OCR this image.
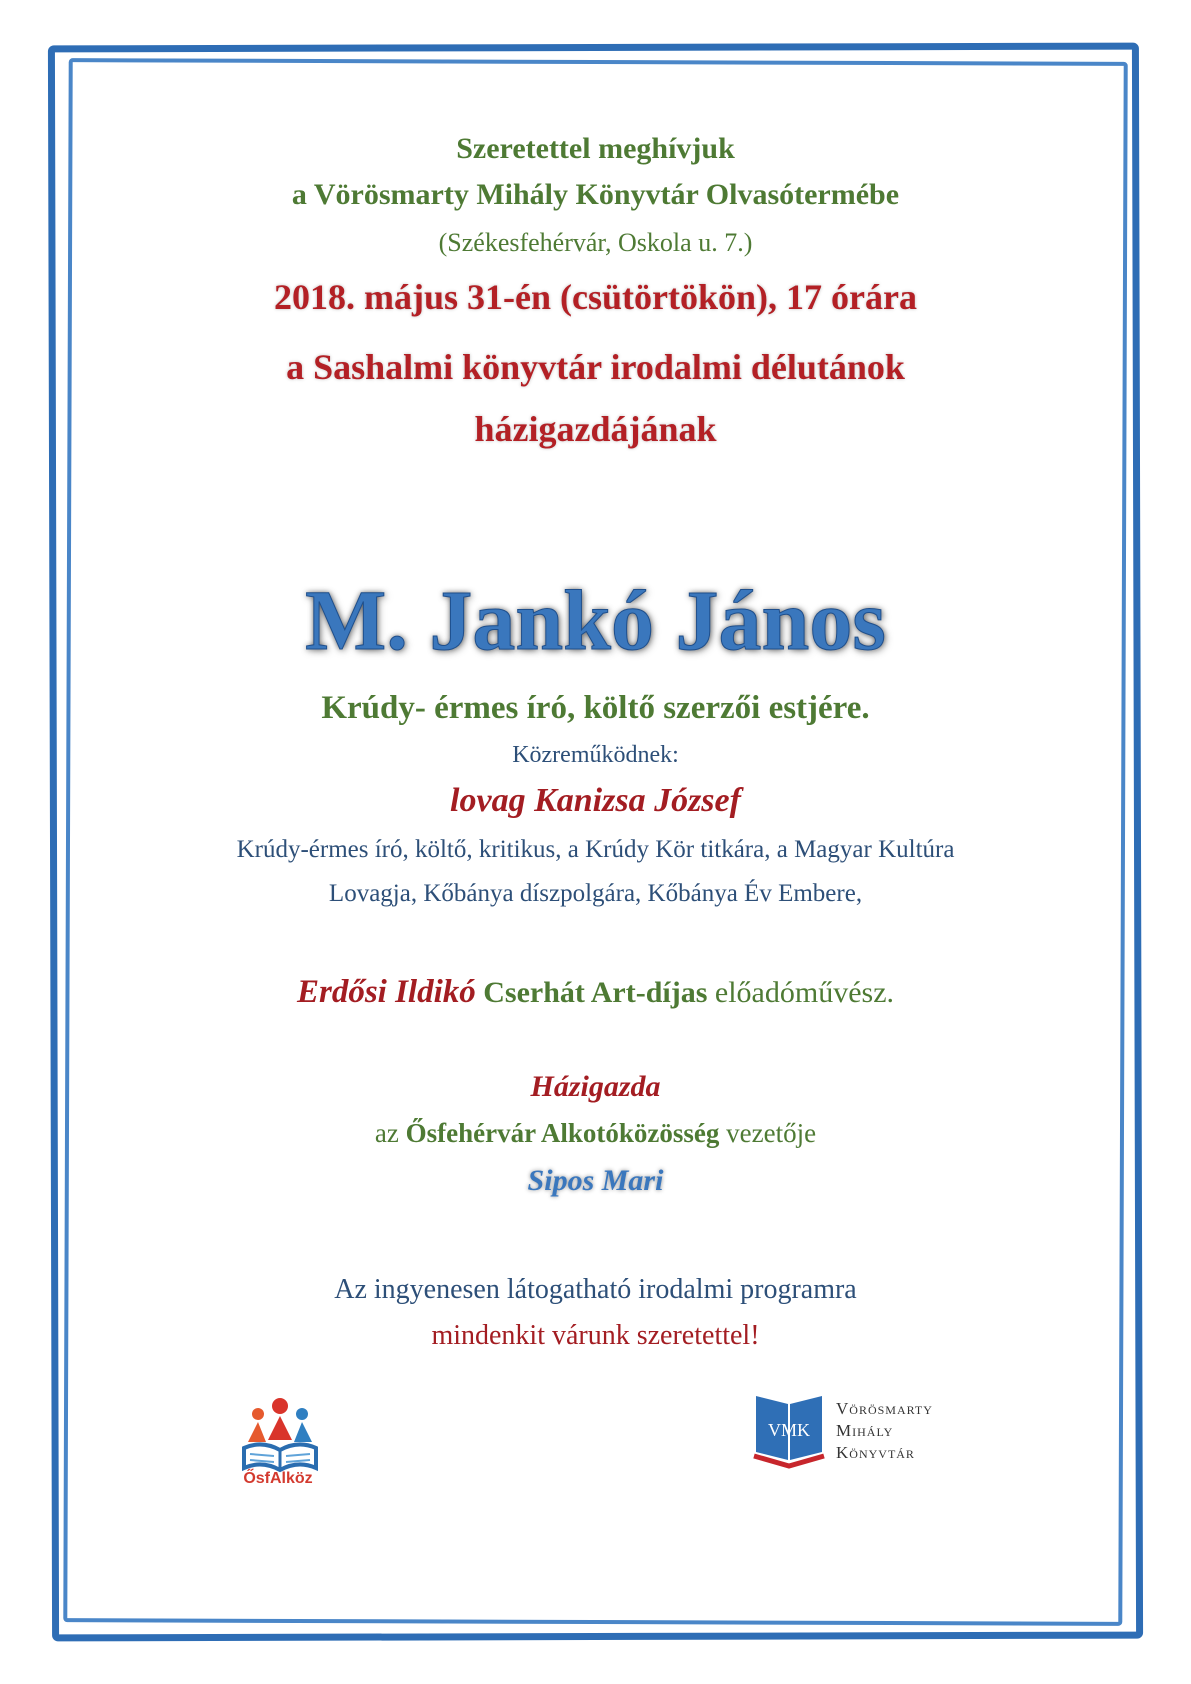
Szeretettel meghívjuk
a Vörösmarty Mihály Könyvtár Olvasótermébe
(Székesfehérvár, Oskola u. 7.)
2018. május 31-én (csütörtökön), 17 órára
a Sashalmi könyvtár irodalmi délutánok
házigazdájának
M. Jankó János
Krúdy- érmes író, költő szerzői estjére.
Közreműködnek:
lovag Kanizsa József
Krúdy-érmes író, költő, kritikus, a Krúdy Kör titkára, a Magyar Kultúra
Lovagja, Kőbánya díszpolgára, Kőbánya Év Embere,
Erdősi Ildikó Cserhát Art-díjas előadóművész.
Házigazda
az Ősfehérvár Alkotóközösség vezetője
Sipos Mari
Az ingyenesen látogatható irodalmi programra
mindenkit várunk szeretettel!
ŐsfAlköz
VMK
Vörösmarty
Mihály
Könyvtár
